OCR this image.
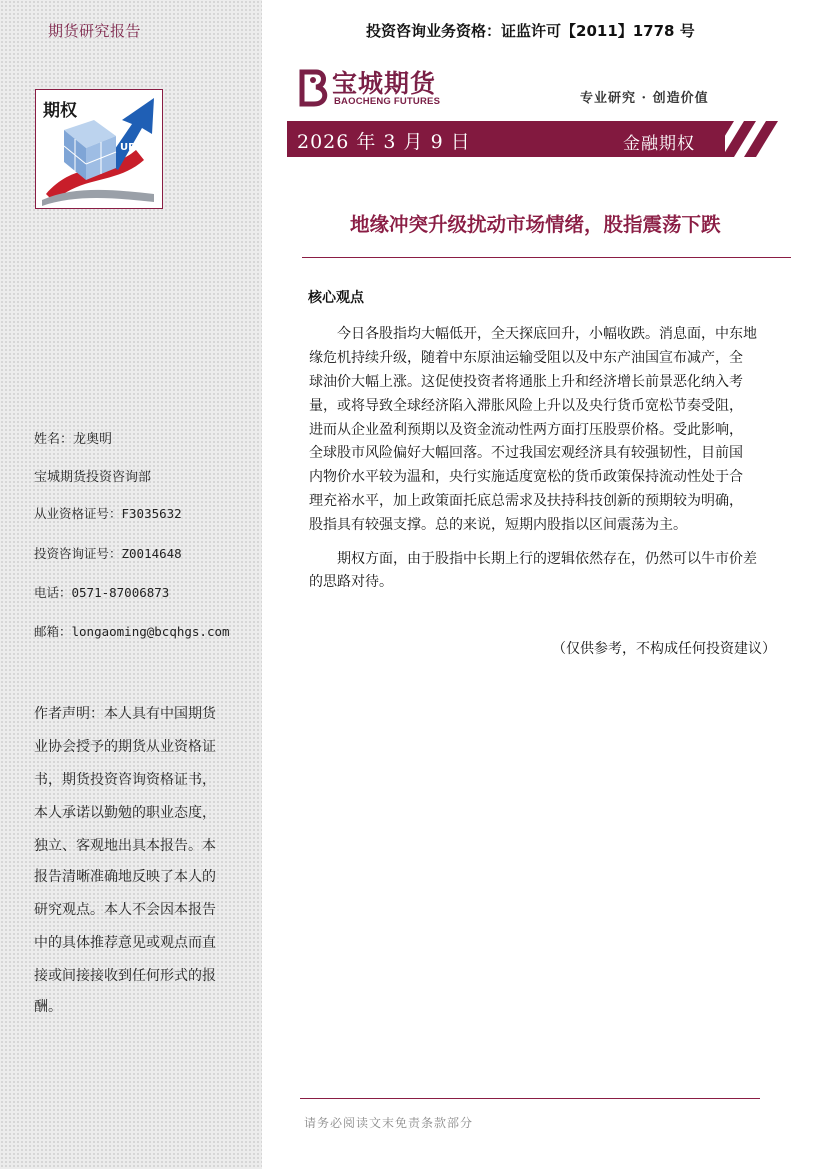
期货研究报告
期权
UP
姓名：龙奥明
宝城期货投资咨询部
从业资格证号：F3035632
投资咨询证号：Z0014648
电话：0571-87006873
邮箱：longaoming@bcqhgs.com
作者声明：本人具有中国期货
业协会授予的期货从业资格证
书，期货投资咨询资格证书，
本人承诺以勤勉的职业态度，
独立、客观地出具本报告。本
报告清晰准确地反映了本人的
研究观点。本人不会因本报告
中的具体推荐意见或观点而直
接或间接接收到任何形式的报
酬。
投资咨询业务资格：证监许可【2011】1778 号
宝城期货
BAOCHENG FUTURES	专业研究 · 创造价值
2026 年 3 月 9 日	金融期权
地缘冲突升级扰动市场情绪，股指震荡下跌
核心观点
　　今日各股指均大幅低开，全天探底回升，小幅收跌。消息面，中东地
缘危机持续升级，随着中东原油运输受阻以及中东产油国宣布减产，全
球油价大幅上涨。这促使投资者将通胀上升和经济增长前景恶化纳入考
量，或将导致全球经济陷入滞胀风险上升以及央行货币宽松节奏受阻，
进而从企业盈利预期以及资金流动性两方面打压股票价格。受此影响，
全球股市风险偏好大幅回落。不过我国宏观经济具有较强韧性，目前国
内物价水平较为温和，央行实施适度宽松的货币政策保持流动性处于合
理充裕水平，加上政策面托底总需求及扶持科技创新的预期较为明确，
股指具有较强支撑。总的来说，短期内股指以区间震荡为主。
　　期权方面，由于股指中长期上行的逻辑依然存在，仍然可以牛市价差
的思路对待。
（仅供参考，不构成任何投资建议）
请务必阅读文末免责条款部分
